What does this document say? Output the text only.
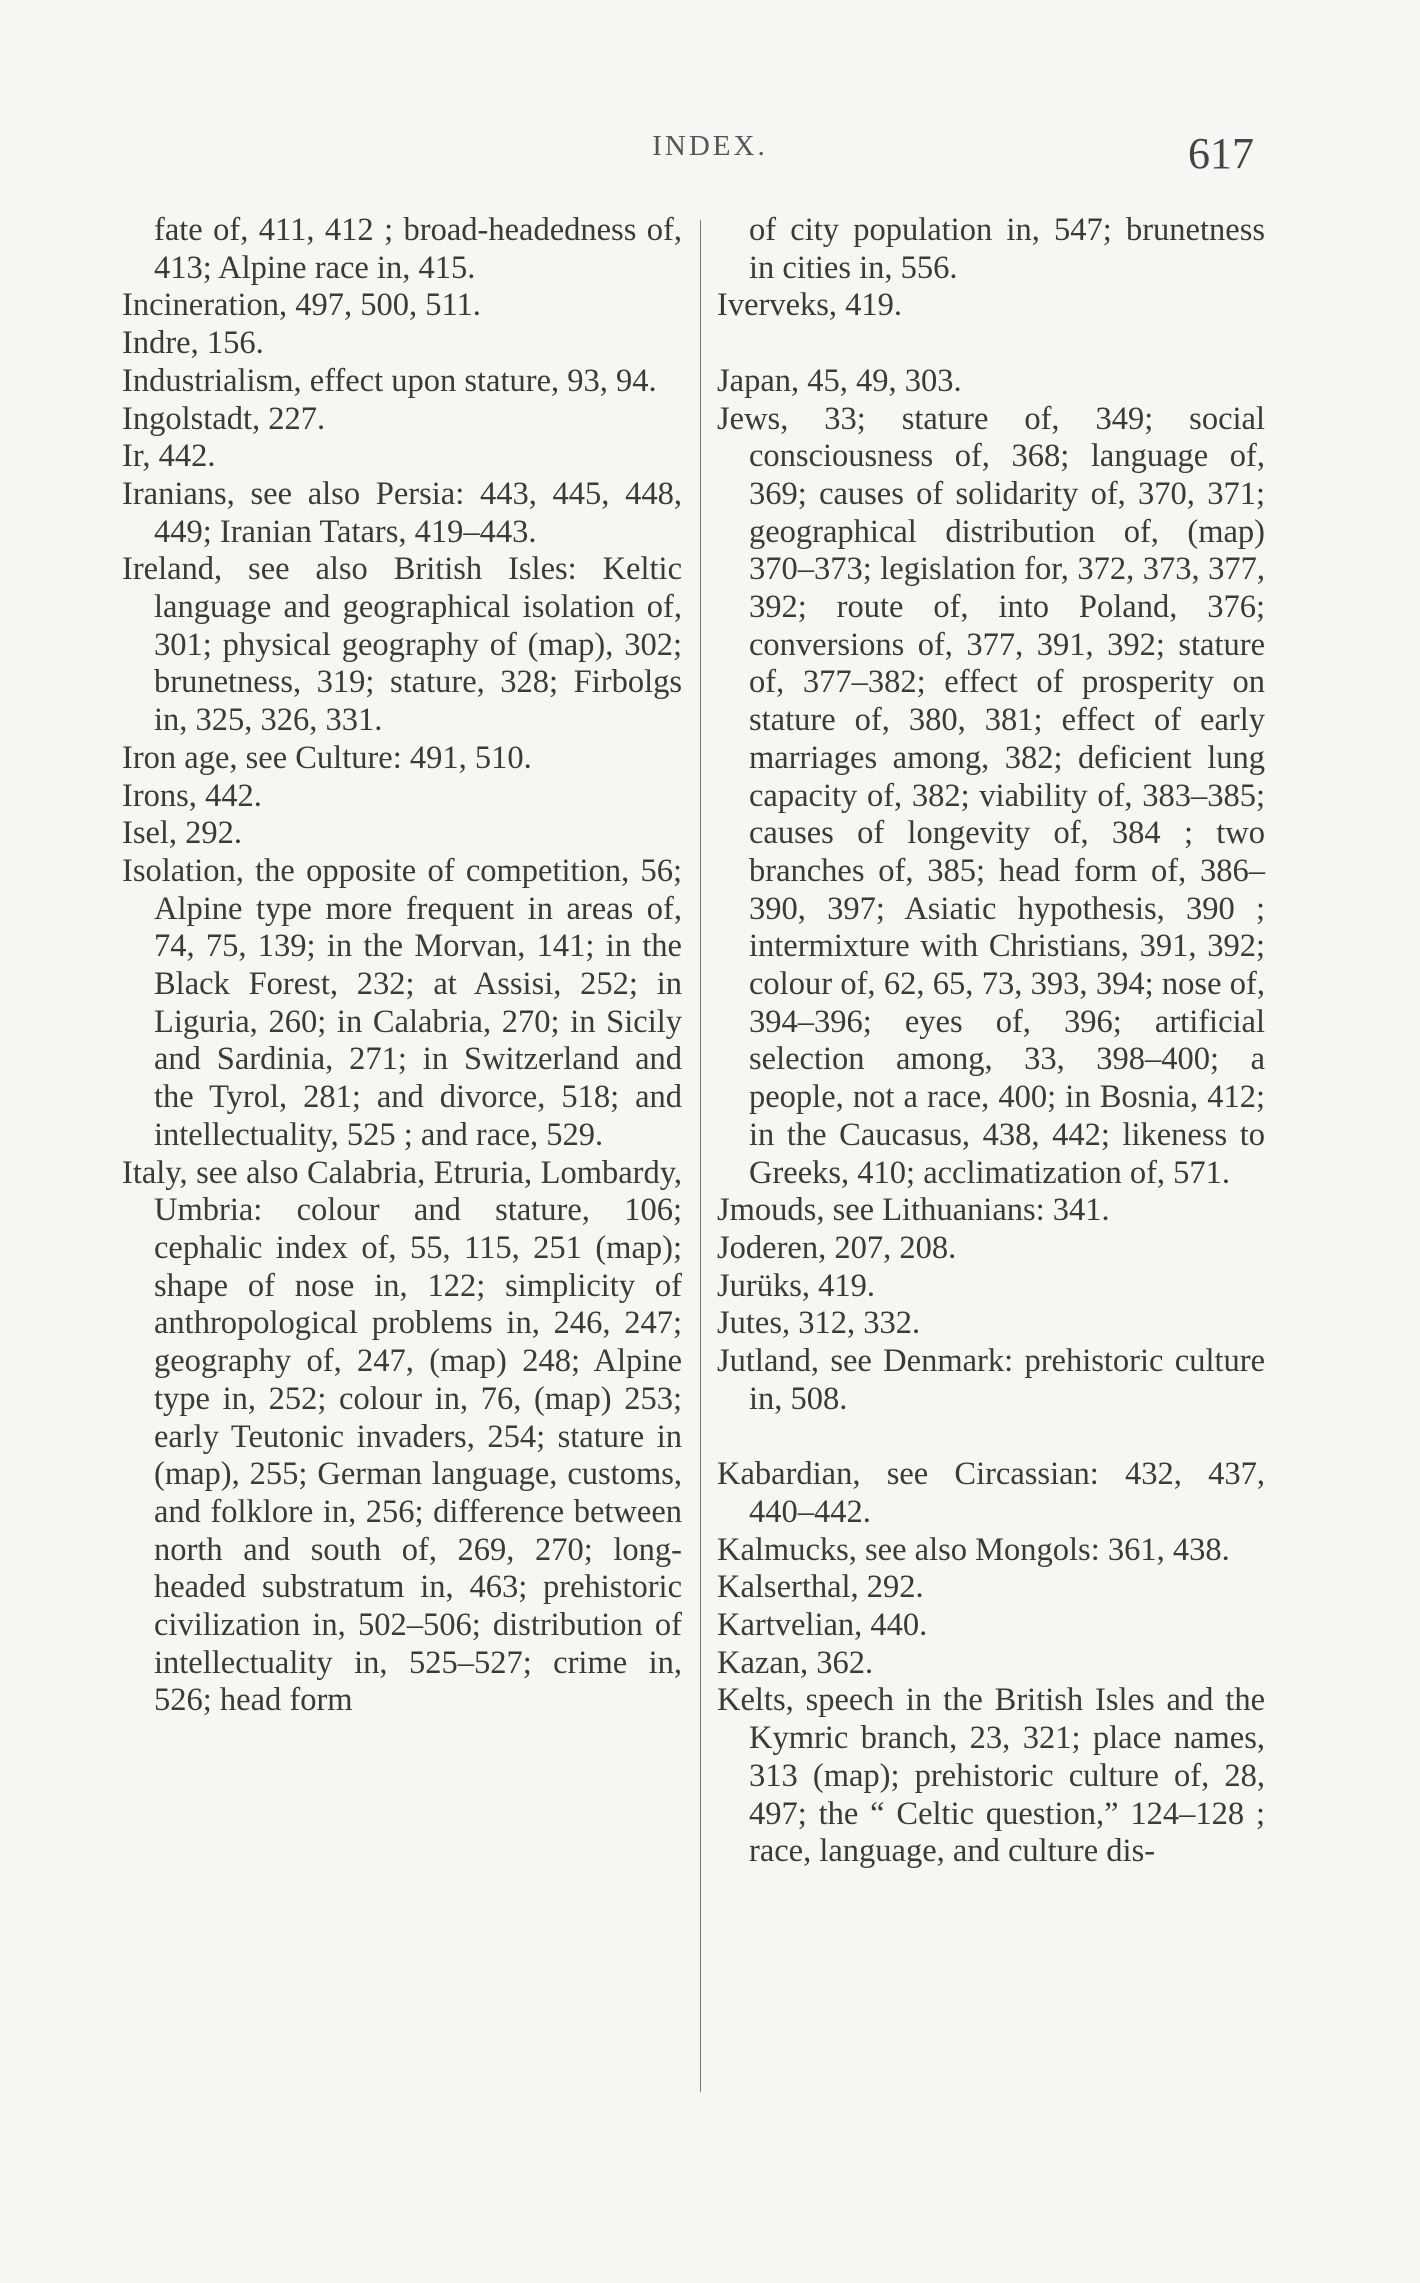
INDEX.	617
fate of, 411, 412 ; broad-headedness of, 413; Alpine race in, 415.
Incineration, 497, 500, 511.
Indre, 156.
Industrialism, effect upon stature, 93, 94.
Ingolstadt, 227.
Ir, 442.
Iranians, see also Persia: 443, 445, 448, 449; Iranian Tatars, 419–443.
Ireland, see also British Isles: Keltic language and geographical isolation of, 301; physical geography of (map), 302; brunetness, 319; stature, 328; Firbolgs in, 325, 326, 331.
Iron age, see Culture: 491, 510.
Irons, 442.
Isel, 292.
Isolation, the opposite of competition, 56; Alpine type more frequent in areas of, 74, 75, 139; in the Morvan, 141; in the Black Forest, 232; at Assisi, 252; in Liguria, 260; in Calabria, 270; in Sicily and Sardinia, 271; in Switzerland and the Tyrol, 281; and divorce, 518; and intellectuality, 525 ; and race, 529.
Italy, see also Calabria, Etruria, Lombardy, Umbria: colour and stature, 106; cephalic index of, 55, 115, 251 (map); shape of nose in, 122; simplicity of anthropological problems in, 246, 247; geography of, 247, (map) 248; Alpine type in, 252; colour in, 76, (map) 253; early Teutonic invaders, 254; stature in (map), 255; German language, customs, and folklore in, 256; difference between north and south of, 269, 270; long-headed substratum in, 463; prehistoric civilization in, 502–506; distribution of intellectuality in, 525–527; crime in, 526; head form
of city population in, 547; brunetness in cities in, 556.
Iverveks, 419.
Japan, 45, 49, 303.
Jews, 33; stature of, 349; social consciousness of, 368; language of, 369; causes of solidarity of, 370, 371; geographical distribution of, (map) 370–373; legislation for, 372, 373, 377, 392; route of, into Poland, 376; conversions of, 377, 391, 392; stature of, 377–382; effect of prosperity on stature of, 380, 381; effect of early marriages among, 382; deficient lung capacity of, 382; viability of, 383–385; causes of longevity of, 384 ; two branches of, 385; head form of, 386–390, 397; Asiatic hypothesis, 390 ; intermixture with Christians, 391, 392; colour of, 62, 65, 73, 393, 394; nose of, 394–396; eyes of, 396; artificial selection among, 33, 398–400; a people, not a race, 400; in Bosnia, 412; in the Caucasus, 438, 442; likeness to Greeks, 410; acclimatization of, 571.
Jmouds, see Lithuanians: 341.
Joderen, 207, 208.
Jurüks, 419.
Jutes, 312, 332.
Jutland, see Denmark: prehistoric culture in, 508.
Kabardian, see Circassian: 432, 437, 440–442.
Kalmucks, see also Mongols: 361, 438.
Kalserthal, 292.
Kartvelian, 440.
Kazan, 362.
Kelts, speech in the British Isles and the Kymric branch, 23, 321; place names, 313 (map); prehistoric culture of, 28, 497; the “ Celtic question,” 124–128 ; race, language, and culture dis-
